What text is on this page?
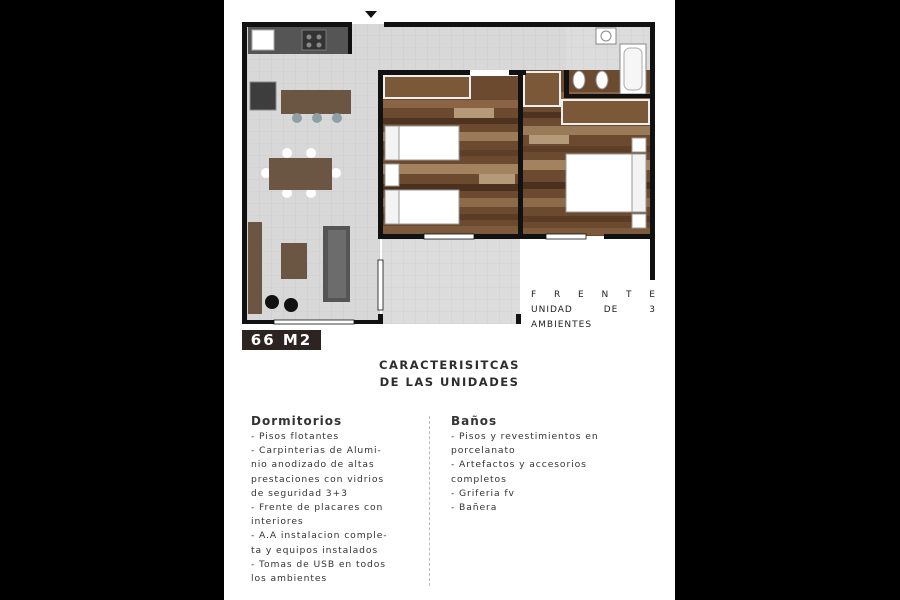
66 M2
F R E N T E
UNIDAD DE 3
AMBIENTES
CARACTERISITCAS
DE LAS UNIDADES
Dormitorios
- Pisos flotantes
- Carpinterias de Alumi-
nio anodizado de altas
prestaciones con vidrios
de seguridad 3+3
- Frente de placares con
interiores
- A.A instalacion comple-
ta y equipos instalados
- Tomas de USB en todos
los ambientes
Baños
- Pisos y revestimientos en
porcelanato
- Artefactos y accesorios
completos
- Griferia fv
- Bañera
